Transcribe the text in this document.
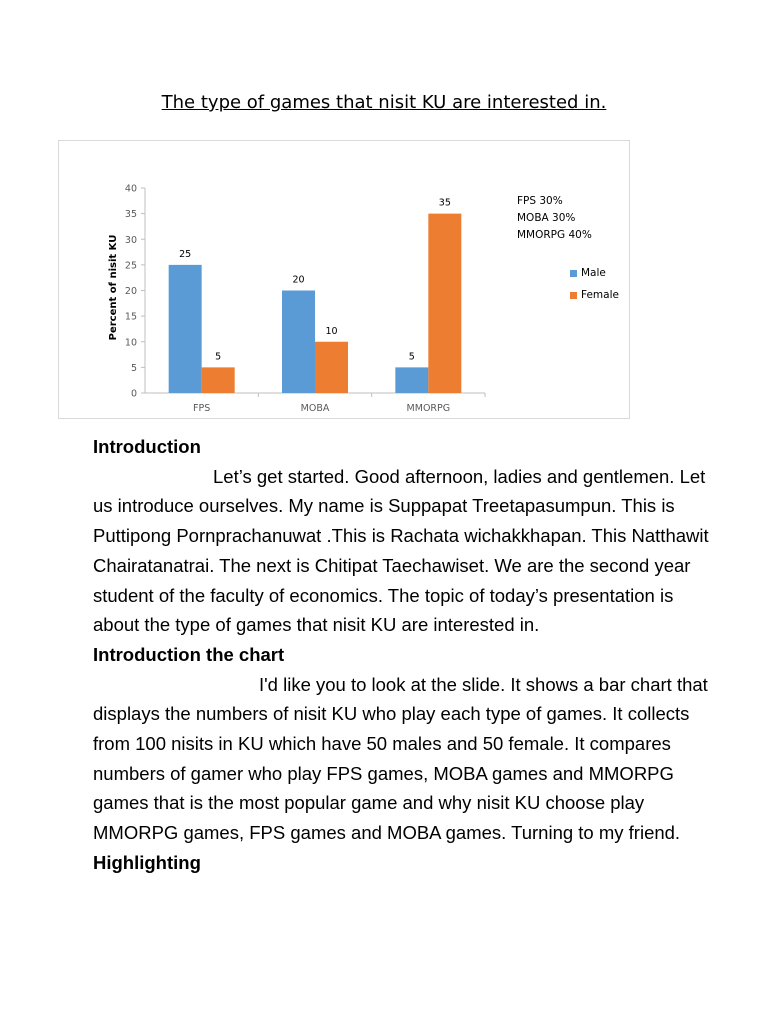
The type of games that nisit KU are interested in.
0
5
10
15
20
25
30
35
40
Percent of nisit KU	25
5
FPS
20
10
MOBA
5
35
MMORPG
FPS 30%
MOBA 30%
MMORPG 40%
Male
Female

Introduction

Let’s get started. Good afternoon, ladies and gentlemen. Let us introduce ourselves. My name is Suppapat Treetapasumpun. This is Puttipong Pornprachanuwat .This is Rachata wichakkhapan. This Natthawit Chairatanatrai. The next is Chitipat Taechawiset. We are the second year student of the faculty of economics. The topic of today’s presentation is about the type of games that nisit KU are interested in.

Introduction the chart

I'd like you to look at the slide. It shows a bar chart that displays the numbers of nisit KU who play each type of games. It collects from 100 nisits in KU which have 50 males and 50 female. It compares numbers of gamer who play FPS games, MOBA games and MMORPG games that is the most popular game and why nisit KU choose play MMORPG games, FPS games and MOBA games. Turning to my friend.

Highlighting
